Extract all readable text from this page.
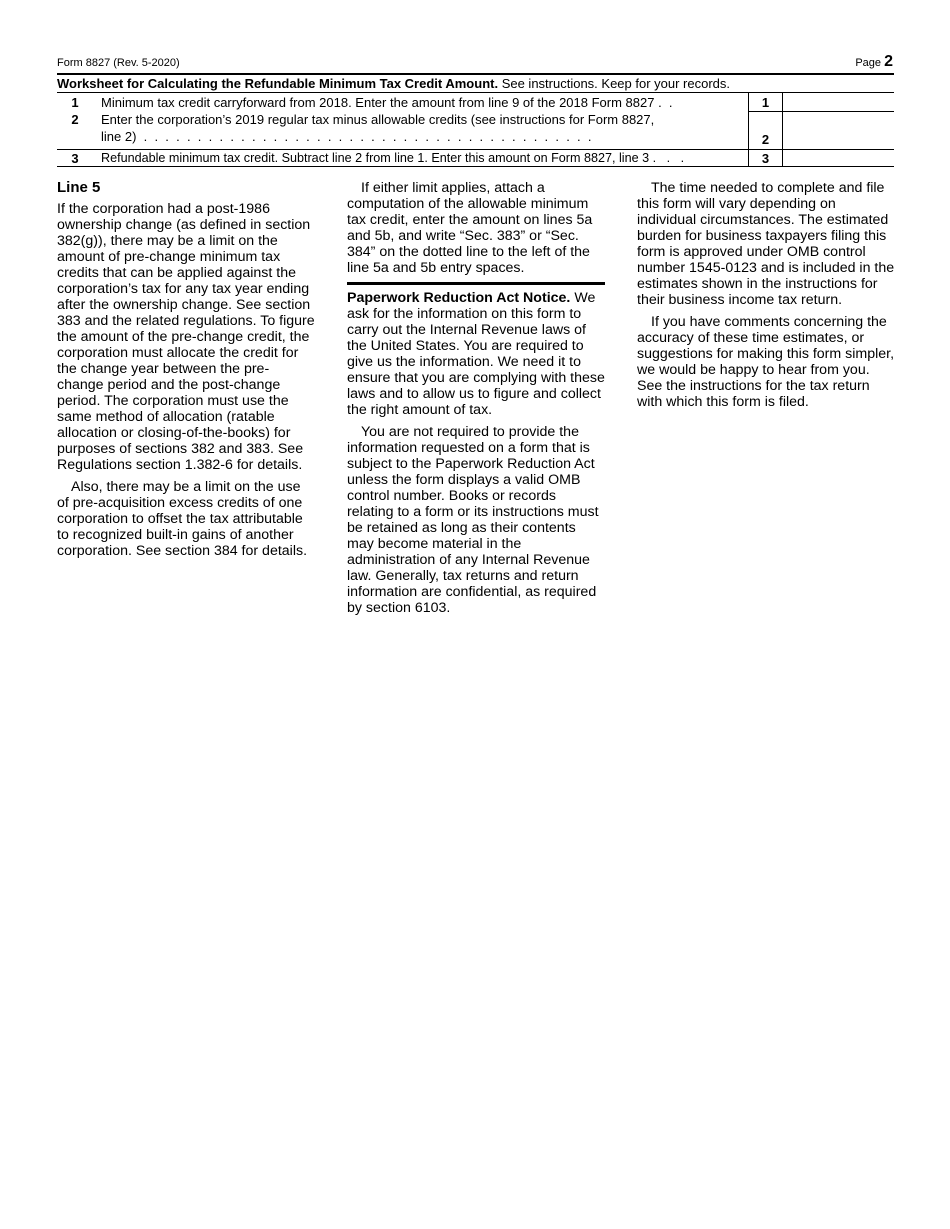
Form 8827 (Rev. 5-2020)	Page 2
Worksheet for Calculating the Refundable Minimum Tax Credit Amount. See instructions. Keep for your records.
1	Minimum tax credit carryforward from 2018. Enter the amount from line 9 of the 2018 Form 8827 .  .	1
2	Enter the corporation’s 2019 regular tax minus allowable credits (see instructions for Form 8827,
line 2)  .  .  .  .  .  .  .  .  .  .  .  .  .  .  .  .  .  .  .  .  .  .  .  .  .  .  .  .  .  .  .  .  .  .  .  .  .  .  .  .  .  .	2
3	Refundable minimum tax credit. Subtract line 2 from line 1. Enter this amount on Form 8827, line 3 .   .   .	3
Line 5

If the corporation had a post-1986 ownership change (as defined in section 382(g)), there may be a limit on the amount of pre-change minimum tax credits that can be applied against the corporation’s tax for any tax year ending after the ownership change. See section 383 and the related regulations. To figure the amount of the pre-change credit, the corporation must allocate the credit for the change year between the pre-change period and the post-change period. The corporation must use the same method of allocation (ratable allocation or closing-of-the-books) for purposes of sections 382 and 383. See Regulations section 1.382-6 for details.

Also, there may be a limit on the use of pre-acquisition excess credits of one corporation to offset the tax attributable to recognized built-in gains of another corporation. See section 384 for details.

If either limit applies, attach a computation of the allowable minimum tax credit, enter the amount on lines 5a and 5b, and write “Sec. 383” or “Sec. 384” on the dotted line to the left of the line 5a and 5b entry spaces.

Paperwork Reduction Act Notice. We ask for the information on this form to carry out the Internal Revenue laws of the United States. You are required to give us the information. We need it to ensure that you are complying with these laws and to allow us to figure and collect the right amount of tax.

You are not required to provide the information requested on a form that is subject to the Paperwork Reduction Act unless the form displays a valid OMB control number. Books or records relating to a form or its instructions must be retained as long as their contents may become material in the administration of any Internal Revenue law. Generally, tax returns and return information are confidential, as required by section 6103.

The time needed to complete and file this form will vary depending on individual circumstances. The estimated burden for business taxpayers filing this form is approved under OMB control number 1545-0123 and is included in the estimates shown in the instructions for their business income tax return.

If you have comments concerning the accuracy of these time estimates, or suggestions for making this form simpler, we would be happy to hear from you. See the instructions for the tax return with which this form is filed.
